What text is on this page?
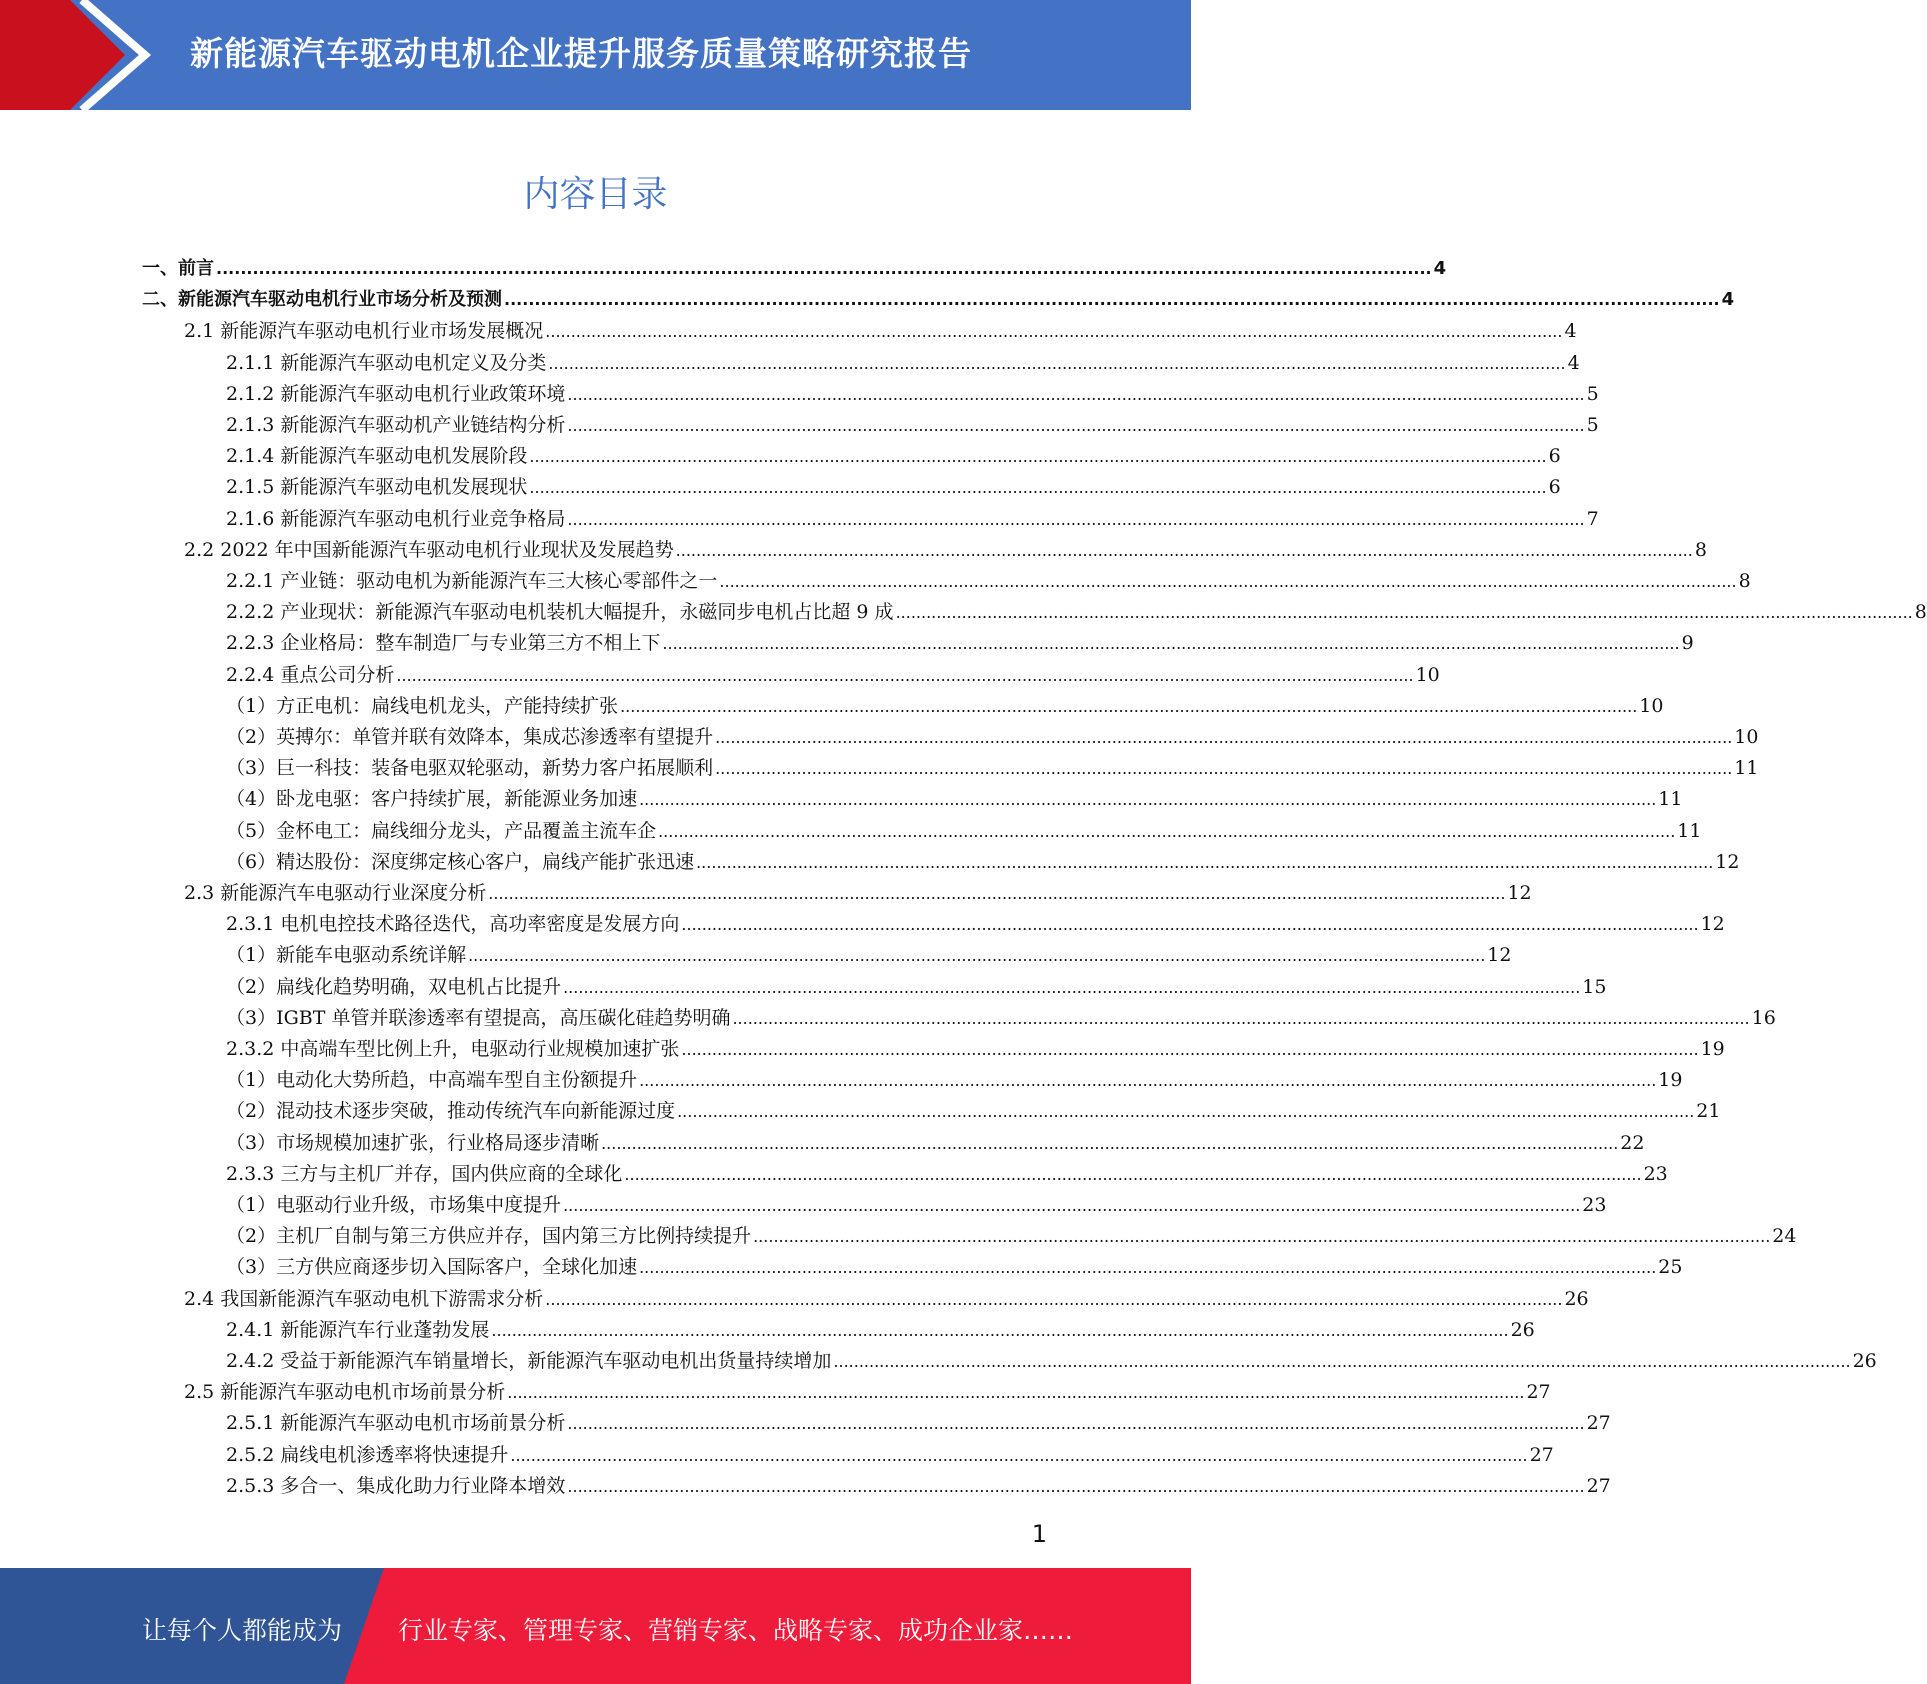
新能源汽车驱动电机企业提升服务质量策略研究报告
内容目录
一、前言 ........................................................................................................................................................................................................ 4
二、新能源汽车驱动电机行业市场分析及预测 ........................................................................................................................................................................................................ 4
2.1 新能源汽车驱动电机行业市场发展概况 ........................................................................................................................................................................................................ 4
2.1.1 新能源汽车驱动电机定义及分类 ........................................................................................................................................................................................................ 4
2.1.2 新能源汽车驱动电机行业政策环境 ........................................................................................................................................................................................................ 5
2.1.3 新能源汽车驱动机产业链结构分析 ........................................................................................................................................................................................................ 5
2.1.4 新能源汽车驱动电机发展阶段 ........................................................................................................................................................................................................ 6
2.1.5 新能源汽车驱动电机发展现状 ........................................................................................................................................................................................................ 6
2.1.6 新能源汽车驱动电机行业竞争格局 ........................................................................................................................................................................................................ 7
2.2 2022 年中国新能源汽车驱动电机行业现状及发展趋势 ........................................................................................................................................................................................................ 8
2.2.1 产业链：驱动电机为新能源汽车三大核心零部件之一 ........................................................................................................................................................................................................ 8
2.2.2 产业现状：新能源汽车驱动电机装机大幅提升，永磁同步电机占比超 9 成 ........................................................................................................................................................................................................ 8
2.2.3 企业格局：整车制造厂与专业第三方不相上下 ........................................................................................................................................................................................................ 9
2.2.4 重点公司分析 ........................................................................................................................................................................................................ 10
（1）方正电机：扁线电机龙头，产能持续扩张 ........................................................................................................................................................................................................ 10
（2）英搏尔：单管并联有效降本，集成芯渗透率有望提升 ........................................................................................................................................................................................................ 10
（3）巨一科技：装备电驱双轮驱动，新势力客户拓展顺利 ........................................................................................................................................................................................................ 11
（4）卧龙电驱：客户持续扩展，新能源业务加速 ........................................................................................................................................................................................................ 11
（5）金杯电工：扁线细分龙头，产品覆盖主流车企 ........................................................................................................................................................................................................ 11
（6）精达股份：深度绑定核心客户，扁线产能扩张迅速 ........................................................................................................................................................................................................ 12
2.3 新能源汽车电驱动行业深度分析 ........................................................................................................................................................................................................ 12
2.3.1 电机电控技术路径迭代，高功率密度是发展方向 ........................................................................................................................................................................................................ 12
（1）新能车电驱动系统详解 ........................................................................................................................................................................................................ 12
（2）扁线化趋势明确，双电机占比提升 ........................................................................................................................................................................................................ 15
（3）IGBT 单管并联渗透率有望提高，高压碳化硅趋势明确 ........................................................................................................................................................................................................ 16
2.3.2 中高端车型比例上升，电驱动行业规模加速扩张 ........................................................................................................................................................................................................ 19
（1）电动化大势所趋，中高端车型自主份额提升 ........................................................................................................................................................................................................ 19
（2）混动技术逐步突破，推动传统汽车向新能源过度 ........................................................................................................................................................................................................ 21
（3）市场规模加速扩张，行业格局逐步清晰 ........................................................................................................................................................................................................ 22
2.3.3 三方与主机厂并存，国内供应商的全球化 ........................................................................................................................................................................................................ 23
（1）电驱动行业升级，市场集中度提升 ........................................................................................................................................................................................................ 23
（2）主机厂自制与第三方供应并存，国内第三方比例持续提升 ........................................................................................................................................................................................................ 24
（3）三方供应商逐步切入国际客户，全球化加速 ........................................................................................................................................................................................................ 25
2.4 我国新能源汽车驱动电机下游需求分析 ........................................................................................................................................................................................................ 26
2.4.1 新能源汽车行业蓬勃发展 ........................................................................................................................................................................................................ 26
2.4.2 受益于新能源汽车销量增长，新能源汽车驱动电机出货量持续增加 ........................................................................................................................................................................................................ 26
2.5 新能源汽车驱动电机市场前景分析 ........................................................................................................................................................................................................ 27
2.5.1 新能源汽车驱动电机市场前景分析 ........................................................................................................................................................................................................ 27
2.5.2 扁线电机渗透率将快速提升 ........................................................................................................................................................................................................ 27
2.5.3 多合一、集成化助力行业降本增效 ........................................................................................................................................................................................................ 27
1
让每个人都能成为 行业专家、管理专家、营销专家、战略专家、成功企业家……
